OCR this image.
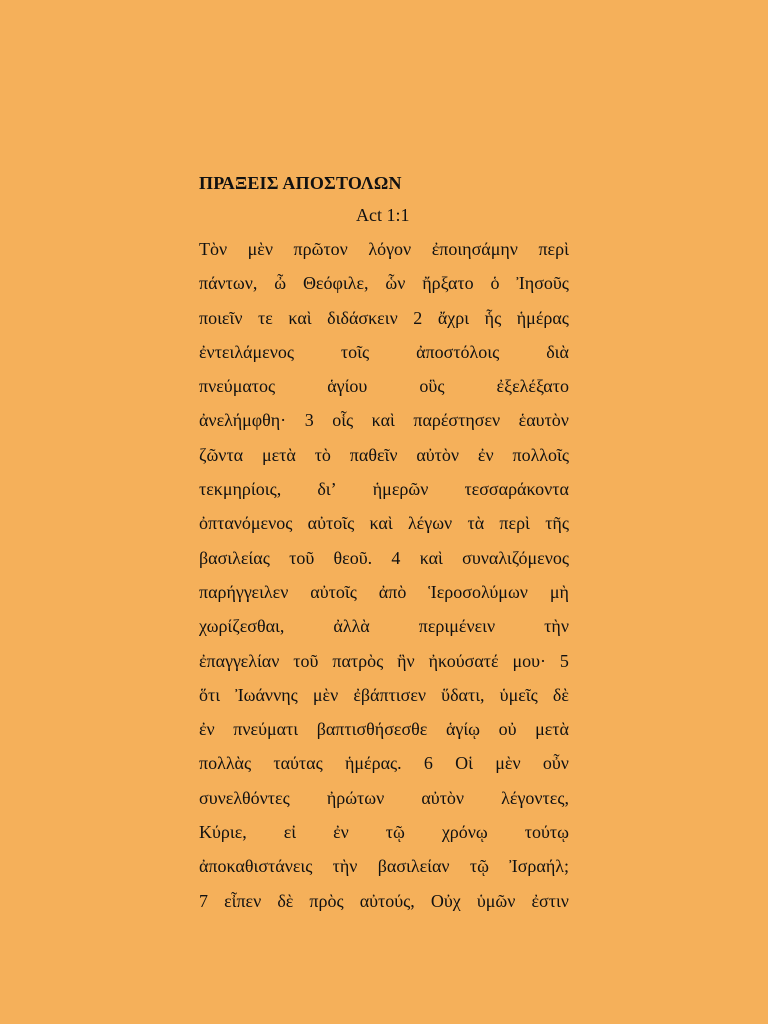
ΠΡΑΞΕΙΣ ΑΠΟΣΤΟΛΩΝ
Act 1:1
Τὸν μὲν πρῶτον λόγον ἐποιησάμην περὶ
πάντων, ὦ Θεόφιλε, ὧν ἤρξατο ὁ Ἰησοῦς
ποιεῖν τε καὶ διδάσκειν 2 ἄχρι ἧς ἡμέρας
ἐντειλάμενος	τοῖς	ἀποστόλοις	διὰ
πνεύματος	ἁγίου	οὓς	ἐξελέξατο
ἀνελήμφθη· 3 οἷς καὶ παρέστησεν ἑαυτὸν
ζῶντα μετὰ τὸ παθεῖν αὐτὸν ἐν πολλοῖς
τεκμηρίοις, δι’ ἡμερῶν τεσσαράκοντα
ὀπτανόμενος αὐτοῖς καὶ λέγων τὰ περὶ τῆς
βασιλείας τοῦ θεοῦ. 4 καὶ συναλιζόμενος
παρήγγειλεν αὐτοῖς ἀπὸ Ἱεροσολύμων μὴ
χωρίζεσθαι,	ἀλλὰ	περιμένειν	τὴν
ἐπαγγελίαν τοῦ πατρὸς ἣν ἠκούσατέ μου· 5
ὅτι Ἰωάννης μὲν ἐβάπτισεν ὕδατι, ὑμεῖς δὲ
ἐν πνεύματι βαπτισθήσεσθε ἁγίῳ οὐ μετὰ
πολλὰς ταύτας ἡμέρας. 6 Οἱ μὲν οὖν
συνελθόντες ἠρώτων αὐτὸν λέγοντες,
Κύριε, εἰ ἐν τῷ χρόνῳ τούτῳ
ἀποκαθιστάνεις τὴν βασιλείαν τῷ Ἰσραήλ;
7 εἶπεν δὲ πρὸς αὐτούς, Οὐχ ὑμῶν ἐστιν
